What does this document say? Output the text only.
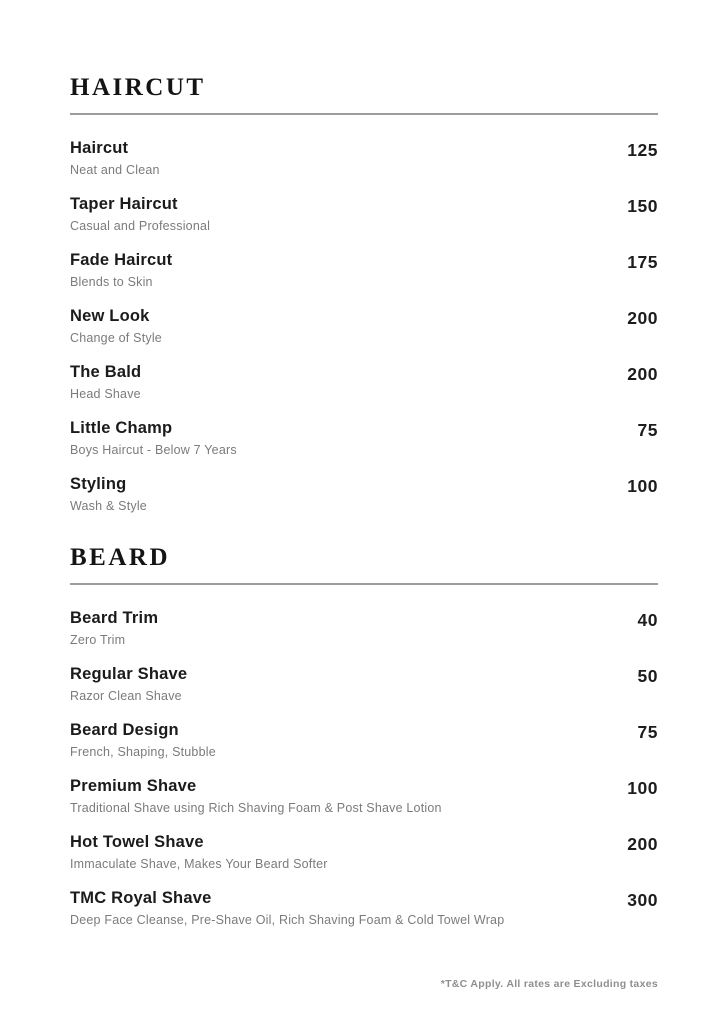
HAIRCUT
Haircut
Neat and Clean
125
Taper Haircut
Casual and Professional
150
Fade Haircut
Blends to Skin
175
New Look
Change of Style
200
The Bald
Head Shave
200
Little Champ
Boys Haircut - Below 7 Years
75
Styling
Wash & Style
100
BEARD
Beard Trim
Zero Trim
40
Regular Shave
Razor Clean Shave
50
Beard Design
French, Shaping, Stubble
75
Premium Shave
Traditional Shave using Rich Shaving Foam & Post Shave Lotion
100
Hot Towel Shave
Immaculate Shave, Makes Your Beard Softer
200
TMC Royal Shave
Deep Face Cleanse, Pre-Shave Oil, Rich Shaving Foam & Cold Towel Wrap
300
*T&C Apply. All rates are Excluding taxes
